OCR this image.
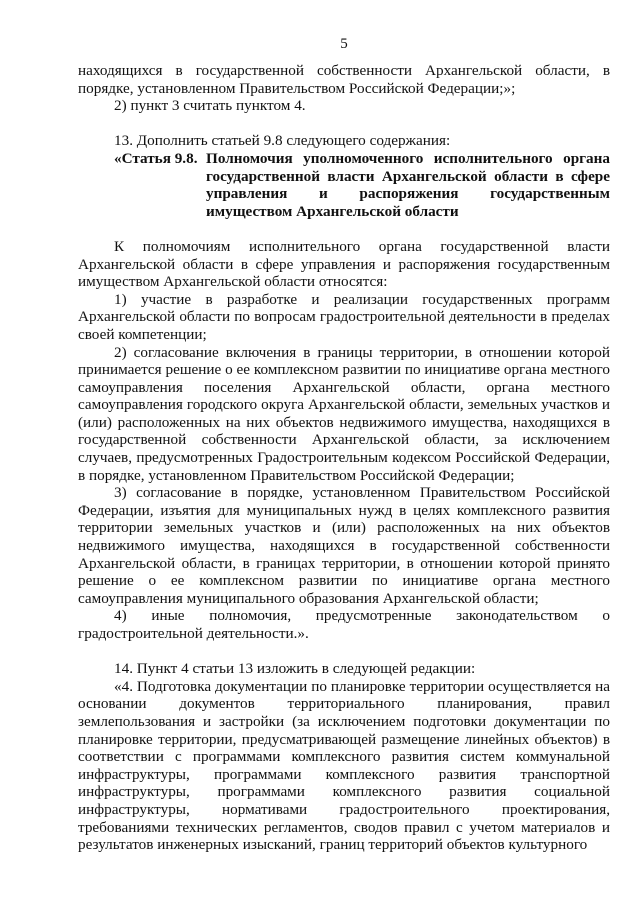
5

находящихся в государственной собственности Архангельской области, в порядке, установленном Правительством Российской Федерации;»;

2) пункт 3 считать пунктом 4.

13. Дополнить статьей 9.8 следующего содержания:

«Статья 9.8. Полномочия уполномоченного исполнительного органа государственной власти Архангельской области в сфере управления и распоряжения государственным имуществом Архангельской области

К полномочиям исполнительного органа государственной власти Архангельской области в сфере управления и распоряжения государственным имуществом Архангельской области относятся:

1) участие в разработке и реализации государственных программ Архангельской области по вопросам градостроительной деятельности в пределах своей компетенции;

2) согласование включения в границы территории, в отношении которой принимается решение о ее комплексном развитии по инициативе органа местного самоуправления поселения Архангельской области, органа местного самоуправления городского округа Архангельской области, земельных участков и (или) расположенных на них объектов недвижимого имущества, находящихся в государственной собственности Архангельской области, за исключением случаев, предусмотренных Градостроительным кодексом Российской Федерации, в порядке, установленном Правительством Российской Федерации;

3) согласование в порядке, установленном Правительством Российской Федерации, изъятия для муниципальных нужд в целях комплексного развития территории земельных участков и (или) расположенных на них объектов недвижимого имущества, находящихся в государственной собственности Архангельской области, в границах территории, в отношении которой принято решение о ее комплексном развитии по инициативе органа местного самоуправления муниципального образования Архангельской области;

4) иные полномочия, предусмотренные законодательством о градостроительной деятельности.».

14. Пункт 4 статьи 13 изложить в следующей редакции:

«4. Подготовка документации по планировке территории осуществляется на основании документов территориального планирования, правил землепользования и застройки (за исключением подготовки документации по планировке территории, предусматривающей размещение линейных объектов) в соответствии с программами комплексного развития систем коммунальной инфраструктуры, программами комплексного развития транспортной инфраструктуры, программами комплексного развития социальной инфраструктуры, нормативами градостроительного проектирования, требованиями технических регламентов, сводов правил с учетом материалов и результатов инженерных изысканий, границ территорий объектов культурного
